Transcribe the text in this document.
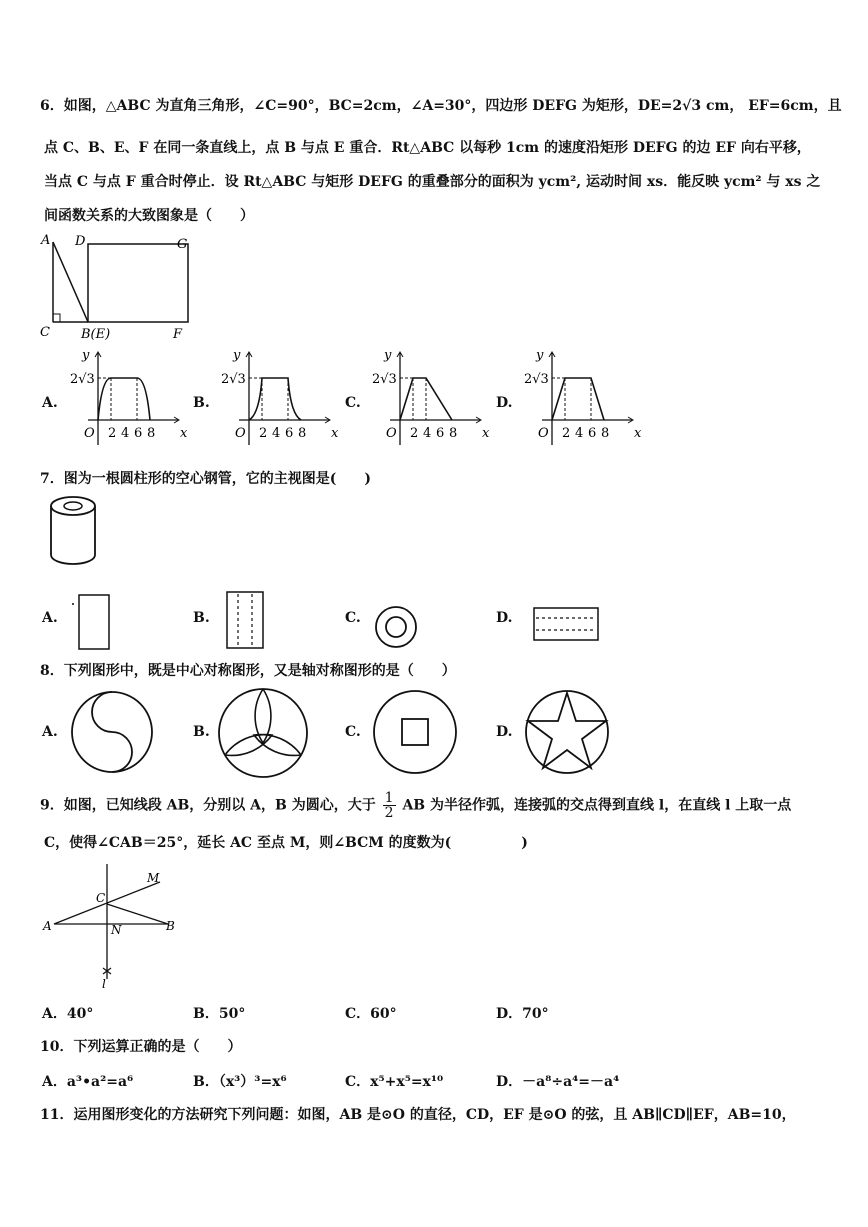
6．如图，△ABC 为直角三角形，∠C=90°，BC=2cm，∠A=30°，四边形 DEFG 为矩形，DE=2√3 cm， EF=6cm，且
点 C、B、E、F 在同一条直线上，点 B 与点 E 重合．Rt△ABC 以每秒 1cm 的速度沿矩形 DEFG 的边 EF 向右平移，
当点 C 与点 F 重合时停止．设 Rt△ABC 与矩形 DEFG 的重叠部分的面积为 ycm², 运动时间 xs．能反映 ycm² 与 xs 之
间函数关系的大致图象是（　　）
A D	G
C B(E)	F
A.	B.	C.	D.
y
x
O
2√3
2 4 6 8
y
x
O
2√3
2 4 6 8
y
x
O
2√3
2 4 6 8
y
x
O
2√3
2 4 6 8
7．图为一根圆柱形的空心钢管，它的主视图是(　　)
A.	B.	C.	D.
8．下列图形中，既是中心对称图形，又是轴对称图形的是（　　）
A.	B.	C.	D.
9．如图，已知线段 AB，分别以 A，B 为圆心，大于 $\frac{1}{2}$ AB 为半径作弧，连接弧的交点得到直线 l，在直线 l 上取一点
C，使得∠CAB＝25°，延长 AC 至点 M，则∠BCM 的度数为(　　　　　)
M
C
A	N	B
l
A．40°	B．50°	C．60°	D．70°
10．下列运算正确的是（　　）
A．a³•a²=a⁶	B．（x³）³=x⁶	C．x⁵+x⁵=x¹⁰	D．－a⁸÷a⁴=－a⁴
11．运用图形变化的方法研究下列问题：如图，AB 是⊙O 的直径，CD，EF 是⊙O 的弦，且 AB∥CD∥EF，AB=10，
